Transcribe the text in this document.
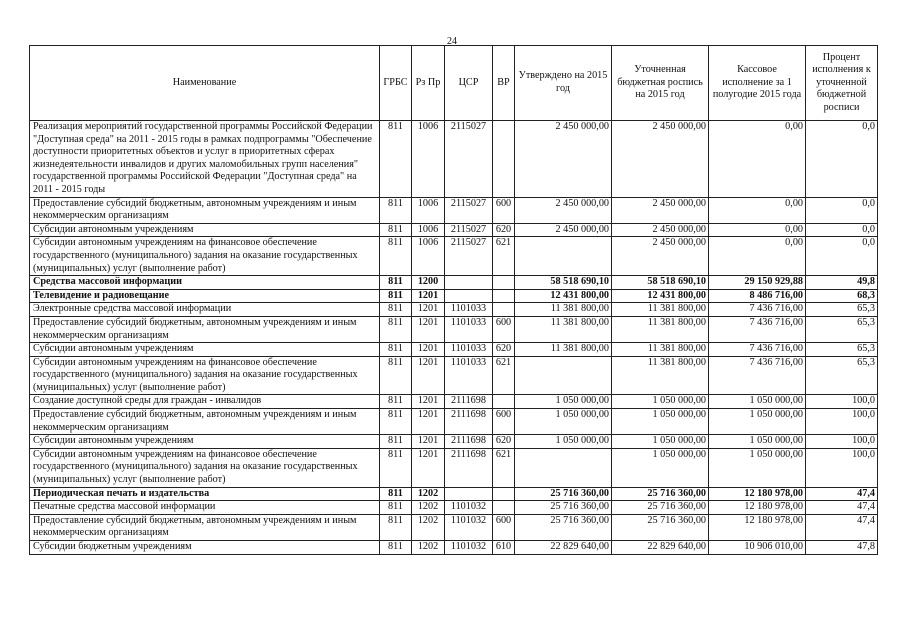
24
Наименование	ГРБС	Рз Пр	ЦСР	ВР	Утверждено на 2015 год	Уточненная бюджетная роспись на 2015 год	Кассовое исполнение за 1 полугодие 2015 года	Процент исполнения к уточненной бюджетной росписи
Реализация мероприятий государственной программы Российской Федерации "Доступная среда" на 2011 - 2015 годы в рамках подпрограммы "Обеспечение доступности приоритетных объектов и услуг в приоритетных сферах жизнедеятельности инвалидов и других маломобильных групп населения" государственной программы Российской Федерации "Доступная среда" на 2011 - 2015 годы	811	1006	2115027		2 450 000,00	2 450 000,00	0,00	0,0
Предоставление субсидий бюджетным, автономным учреждениям и иным некоммерческим организациям	811	1006	2115027	600	2 450 000,00	2 450 000,00	0,00	0,0
Субсидии автономным учреждениям	811	1006	2115027	620	2 450 000,00	2 450 000,00	0,00	0,0
Субсидии автономным учреждениям на финансовое обеспечение государственного (муниципального) задания на оказание государственных (муниципальных) услуг (выполнение работ)	811	1006	2115027	621		2 450 000,00	0,00	0,0
Средства массовой информации	811	1200			58 518 690,10	58 518 690,10	29 150 929,88	49,8
Телевидение и радиовещание	811	1201			12 431 800,00	12 431 800,00	8 486 716,00	68,3
Электронные средства массовой информации	811	1201	1101033		11 381 800,00	11 381 800,00	7 436 716,00	65,3
Предоставление субсидий бюджетным, автономным учреждениям и иным некоммерческим организациям	811	1201	1101033	600	11 381 800,00	11 381 800,00	7 436 716,00	65,3
Субсидии автономным учреждениям	811	1201	1101033	620	11 381 800,00	11 381 800,00	7 436 716,00	65,3
Субсидии автономным учреждениям на финансовое обеспечение государственного (муниципального) задания на оказание государственных (муниципальных) услуг (выполнение работ)	811	1201	1101033	621		11 381 800,00	7 436 716,00	65,3
Создание доступной среды для граждан - инвалидов	811	1201	2111698		1 050 000,00	1 050 000,00	1 050 000,00	100,0
Предоставление субсидий бюджетным, автономным учреждениям и иным некоммерческим организациям	811	1201	2111698	600	1 050 000,00	1 050 000,00	1 050 000,00	100,0
Субсидии автономным учреждениям	811	1201	2111698	620	1 050 000,00	1 050 000,00	1 050 000,00	100,0
Субсидии автономным учреждениям на финансовое обеспечение государственного (муниципального) задания на оказание государственных (муниципальных) услуг (выполнение работ)	811	1201	2111698	621		1 050 000,00	1 050 000,00	100,0
Периодическая печать и издательства	811	1202			25 716 360,00	25 716 360,00	12 180 978,00	47,4
Печатные средства массовой информации	811	1202	1101032		25 716 360,00	25 716 360,00	12 180 978,00	47,4
Предоставление субсидий бюджетным, автономным учреждениям и иным некоммерческим организациям	811	1202	1101032	600	25 716 360,00	25 716 360,00	12 180 978,00	47,4
Субсидии бюджетным учреждениям	811	1202	1101032	610	22 829 640,00	22 829 640,00	10 906 010,00	47,8
